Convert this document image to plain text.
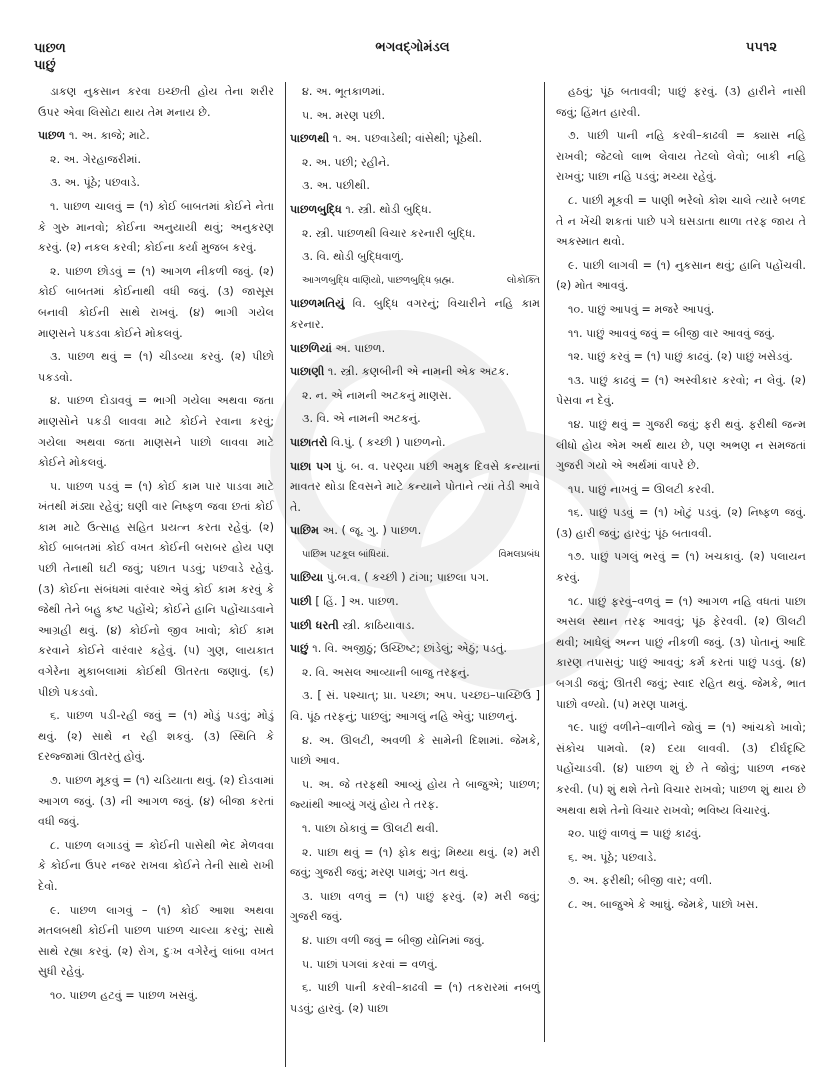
પાછળ
પાછું
ભગવદ્ગોમંડલ	૫૫૧૨
ડાકણ નુકસાન કરવા ઇચ્છતી હોય તેના શરીર ઉપર એવા લિસોટા થાય તેમ મનાય છે.
પાછળ ૧. અ. કાજે; માટે.
૨. અ. ગેરહાજરીમાં.
૩. અ. પૂંઠે; પછવાડે.
૧. પાછળ ચાલવું = (૧) કોઈ બાબતમાં કોઈને નેતા કે ગુરુ માનવો; કોઈના અનુયાયી થવું; અનુકરણ કરવું. (૨) નકલ કરવી; કોઈના કર્યા મુજબ કરવું.
૨. પાછળ છોડવું = (૧) આગળ નીકળી જવું. (૨) કોઈ બાબતમાં કોઈનાથી વધી જવું. (૩) જાસૂસ બનાવી કોઈની સાથે રાખવું. (૪) ભાગી ગયેલ માણસને પકડવા કોઈને મોકલવું.
૩. પાછળ થવું = (૧) ચીડવ્યા કરવું. (૨) પીછો પકડવો.
૪. પાછળ દોડાવવું = ભાગી ગયેલા અથવા જતા માણસોને પકડી લાવવા માટે કોઈને રવાના કરવું; ગયેલા અથવા જતા માણસને પાછો લાવવા માટે કોઈને મોકલવું.
૫. પાછળ પડવું = (૧) કોઈ કામ પાર પાડવા માટે ખંતથી મંડ્યા રહેવું; ઘણી વાર નિષ્ફળ જવા છતાં કોઈ કામ માટે ઉત્સાહ સહિત પ્રયત્ન કરતા રહેવું. (૨) કોઈ બાબતમાં કોઈ વખત કોઈની બરાબર હોય પણ પછી તેનાથી ઘટી જવું; પછાત પડવું; પછવાડે રહેવું. (૩) કોઈના સંબંધમાં વારંવાર એવું કોઈ કામ કરવું કે જેથી તેને બહુ કષ્ટ પહોંચે; કોઈને હાનિ પહોંચાડવાને આગ્રહી થવું. (૪) કોઈનો જીવ ખાવો; કોઈ કામ કરવાને કોઈને વારંવાર કહેવું. (૫) ગુણ, લાયકાત વગેરેના મુકાબલામાં કોઈથી ઊતરતા જણાવું. (૬) પીછો પકડવો.
૬. પાછળ પડી-રહી જવું = (૧) મોડું પડવું; મોડું થવું. (૨) સાથે ન રહી શકવું. (૩) સ્થિતિ કે દરજ્જામાં ઊતરતું હોવું.
૭. પાછળ મૂકવું = (૧) ચડિયાતા થવું. (૨) દોડવામાં આગળ જવું. (૩) ની આગળ જવું. (૪) બીજા કરતાં વધી જવું.
૮. પાછળ લગાડવું = કોઈની પાસેથી ભેદ મેળવવા કે કોઈના ઉપર નજર રાખવા કોઈને તેની સાથે રાખી દેવો.
૯. પાછળ લાગવું – (૧) કોઈ આશા અથવા મતલબથી કોઈની પાછળ પાછળ ચાલ્યા કરવું; સાથે સાથે રહ્યા કરવું. (૨) રોગ, દુઃખ વગેરેનું લાંબા વખત સુધી રહેવું.
૧૦. પાછળ હટવું = પાછળ ખસવું.
૪. અ. ભૂતકાળમાં.
૫. અ. મરણ પછી.
પાછળથી ૧. અ. પછવાડેથી; વાંસેથી; પૂંઠેથી.
૨. અ. પછી; રહીને.
૩. અ. પછીથી.
પાછળબુદ્ધિ ૧. સ્ત્રી. થોડી બુદ્ધિ.
૨. સ્ત્રી. પાછળથી વિચાર કરનારી બુદ્ધિ.
૩. વિ. થોડી બુદ્ધિવાળું.
આગળબુદ્ધિ વાણિયો, પાછળબુદ્ધિ બ્રહ્મ.	લોકોક્તિ
પાછળમતિયું વિ. બુદ્ધિ વગરનું; વિચારીને નહિ કામ કરનાર.
પાછળિયાં અ. પાછળ.
પાછાણી ૧. સ્ત્રી. કણબીની એ નામની એક અટક.
૨. ન. એ નામની અટકનું માણસ.
૩. વિ. એ નામની અટકનું.
પાછાતરો વિ.પું. ( કચ્છી ) પાછળનો.
પાછા પગ પું. બ. વ. પરણ્યા પછી અમુક દિવસે કન્યાનાં માવતર થોડા દિવસને માટે કન્યાને પોતાને ત્યાં તેડી આવે તે.
પાછિમ અ. ( જૂ. ગુ. ) પાછળ.
પાછિમ પટકૂલ બાંધિયાં.	વિમલપ્રબંધ
પાછિયા પું.બ.વ. ( કચ્છી ) ટાંગા; પાછલા પગ.
પાછી [ હિં. ] અ. પાછળ.
પાછી ધરતી સ્ત્રી. કાઠિયાવાડ.
પાછું ૧. વિ. અજીઠું; ઉચ્છિષ્ટ; છાંડેલું; એઠું; પડતું.
૨. વિ. અસલ આવ્યાની બાજુ તરફનું.
૩. [ સં. પશ્ચાત્; પ્રા. પચ્છા; અપ. પચ્છઇ–પાચ્છિઉ ] વિ. પૂંઠ તરફનું; પાછલું; આગલું નહિ એવું; પાછળનું.
૪. અ. ઊલટી, અવળી કે સામેની દિશામાં. જેમકે, પાછો આવ.
૫. અ. જે તરફથી આવ્યું હોય તે બાજુએ; પાછળ; જ્યાંથી આવ્યું ગયું હોય તે તરફ.
૧. પાછા ઠોકાવું = ઊલટી થવી.
૨. પાછા થવું = (૧) ફોક થવું; મિથ્યા થવું. (૨) મરી જવું; ગુજરી જવું; મરણ પામવું; ગત થવું.
૩. પાછા વળવું = (૧) પાછું ફરવું. (૨) મરી જવું; ગુજરી જવું.
૪. પાછા વળી જવું = બીજી યોનિમાં જવું.
૫. પાછાં પગલાં કરવાં = વળવું.
૬. પાછી પાની કરવી–કાઢવી = (૧) તકરારમાં નબળું પડવું; હારવું. (૨) પાછા
હઠવું; પૂંઠ બતાવવી; પાછું ફરવું. (૩) હારીને નાસી જવું; હિંમત હારવી.
૭. પાછી પાની નહિ કરવી–કાઢવી = ક્યાસ નહિ રાખવી; જેટલો લાભ લેવાય તેટલો લેવો; બાકી નહિ રાખવું; પાછા નહિ પડવું; મચ્યા રહેવું.
૮. પાછી મૂકવી = પાણી ભરેલો કોશ ચાલે ત્યારે બળદ તે ન ખેંચી શકતાં પાછે પગે ઘસડાતા થાળા તરફ જાય તે અકસ્માત થવો.
૯. પાછી લાગવી = (૧) નુકસાન થવું; હાનિ પહોંચવી. (૨) મોત આવવું.
૧૦. પાછું આપવું = મજરે આપવું.
૧૧. પાછું આવવું જવું = બીજી વાર આવવું જવું.
૧૨. પાછું કરવું = (૧) પાછું કાઢવું. (૨) પાછું ખસેડવું.
૧૩. પાછું કાઢવું = (૧) અસ્વીકાર કરવો; ન લેવું. (૨) પેસવા ન દેવું.
૧૪. પાછું થવું = ગુજરી જવું; ફરી થવું. ફરીથી જન્મ લીધો હોય એમ અર્થ થાય છે, પણ અભણ ન સમજતાં ગુજરી ગયો એ અર્થમાં વાપરે છે.
૧૫. પાછું નાખવું = ઊલટી કરવી.
૧૬. પાછું પડવું = (૧) ખોટું પડવું. (૨) નિષ્ફળ જવું. (૩) હારી જવું; હારવું; પૂંઠ બતાવવી.
૧૭. પાછું પગલું ભરવું = (૧) ખચકાવું. (૨) પલાયન કરવું.
૧૮. પાછું ફરવું–વળવું = (૧) આગળ નહિ વધતાં પાછા અસલ સ્થાન તરફ આવવું; પૂંઠ ફેરવવી. (૨) ઊલટી થવી; ખાધેલું અન્ન પાછું નીકળી જવું. (૩) પોતાનું આદિ કારણ તપાસવું; પાછું આવવું; કર્મ કરતાં પાછું પડવું. (૪) બગડી જવું; ઊતરી જવું; સ્વાદ રહિત થવું. જેમકે, ભાત પાછો વળ્યો. (૫) મરણ પામવું.
૧૯. પાછું વળીને–વાળીને જોવું = (૧) આંચકો ખાવો; સંકોચ પામવો. (૨) દયા લાવવી. (૩) દીર્ઘદૃષ્ટિ પહોંચાડવી. (૪) પાછળ શું છે તે જોવું; પાછળ નજર કરવી. (૫) શું થશે તેનો વિચાર રાખવો; પાછળ શું થાય છે અથવા થશે તેનો વિચાર રાખવો; ભવિષ્ય વિચારવું.
૨૦. પાછું વાળવું = પાછું કાઢવું.
૬. અ. પૂંઠે; પછવાડે.
૭. અ. ફરીથી; બીજી વાર; વળી.
૮. અ. બાજુએ કે આઘું. જેમકે, પાછો ખસ.
